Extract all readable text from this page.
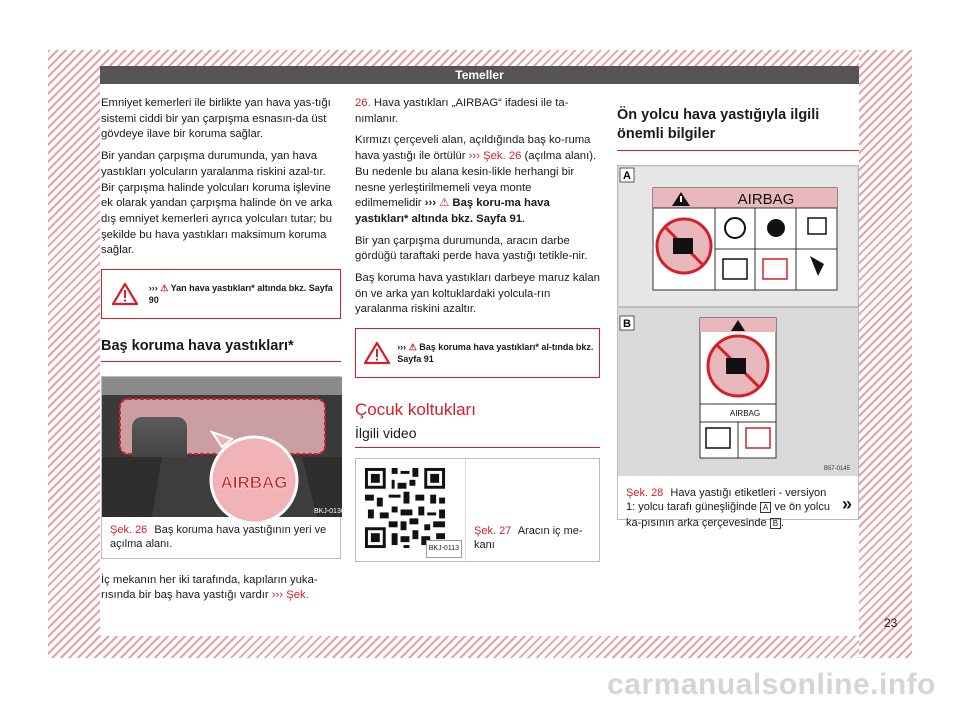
Temeller

Emniyet kemerleri ile birlikte yan hava yas-tığı sistemi ciddi bir yan çarpışma esnasın-da üst gövdeye ilave bir koruma sağlar.

Bir yandan çarpışma durumunda, yan hava yastıkları yolcuların yaralanma riskini azal-tır. Bir çarpışma halinde yolcuları koruma işlevine ek olarak yandan çarpışma halinde ön ve arka dış emniyet kemerleri ayrıca yolcuları tutar; bu şekilde bu hava yastıkları maksimum koruma sağlar.

››› ⚠ Yan hava yastıkları* altında bkz. Sayfa 90
Baş koruma hava yastıkları*
AIRBAG
BKJ-0136
Şek. 26 Baş koruma hava yastığının yeri ve açılma alanı.

İç mekanın her iki tarafında, kapıların yuka-rısında bir baş hava yastığı vardır ››› Şek.

26. Hava yastıkları „AIRBAG“ ifadesi ile ta-nımlanır.

Kırmızı çerçeveli alan, açıldığında baş ko-ruma hava yastığı ile örtülür ››› Şek. 26 (açılma alanı). Bu nedenle bu alana kesin-likle herhangi bir nesne yerleştirilmemeli veya monte edilmemelidir ››› ⚠ Baş koru-ma hava yastıkları* altında bkz. Sayfa 91.

Bir yan çarpışma durumunda, aracın darbe gördüğü taraftaki perde hava yastığı tetikle-nir.

Baş koruma hava yastıkları darbeye maruz kalan ön ve arka yan koltuklardaki yolcula-rın yaralanma riskini azaltır.

››› ⚠ Baş koruma hava yastıkları* al-tında bkz. Sayfa 91
Çocuk koltukları
İlgili video
BKJ-0113
Şek. 27 Aracın iç me-kanı
Ön yolcu hava yastığıyla ilgili önemli bilgiler
A
AIRBAG
B
AIRBAG
B57-0145
Şek. 28 Hava yastığı etiketleri - versiyon 1: yolcu tarafı güneşliğinde A ve ön yolcu ka-pısının arka çerçevesinde B .
»
23
carmanualsonline.info
